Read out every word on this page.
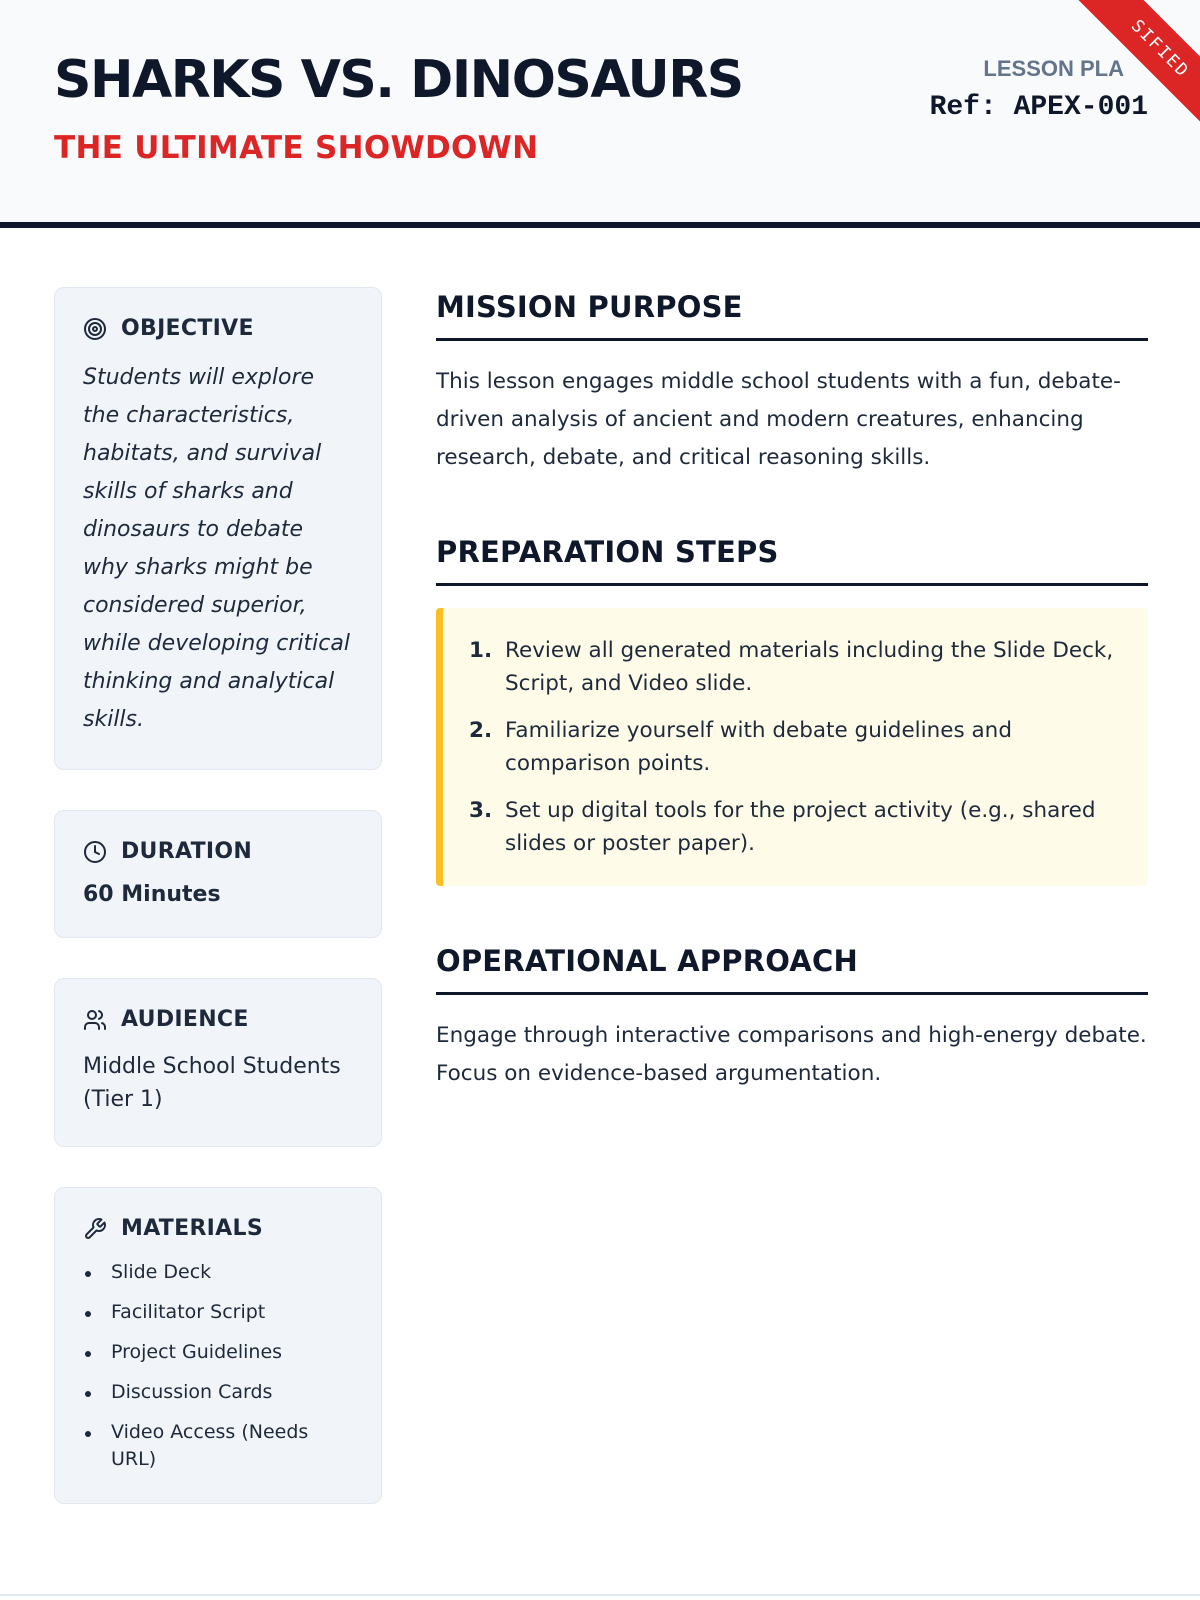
SHARKS VS. DINOSAURS
THE ULTIMATE SHOWDOWN
LESSON PLA
Ref: APEX-001
SIFIED
OBJECTIVE

Students will explore the characteristics, habitats, and survival skills of sharks and dinosaurs to debate why sharks might be considered superior, while developing critical thinking and analytical skills.

DURATION

60 Minutes

AUDIENCE

Middle School Students (Tier 1)

MATERIALS
Slide Deck
Facilitator Script
Project Guidelines
Discussion Cards
Video Access (Needs URL)
MISSION PURPOSE

This lesson engages middle school students with a fun, debate-driven analysis of ancient and modern creatures, enhancing research, debate, and critical reasoning skills.

PREPARATION STEPS
1. Review all generated materials including the Slide Deck, Script, and Video slide.
2. Familiarize yourself with debate guidelines and comparison points.
3. Set up digital tools for the project activity (e.g., shared slides or poster paper).
OPERATIONAL APPROACH

Engage through interactive comparisons and high-energy debate. Focus on evidence-based argumentation.
